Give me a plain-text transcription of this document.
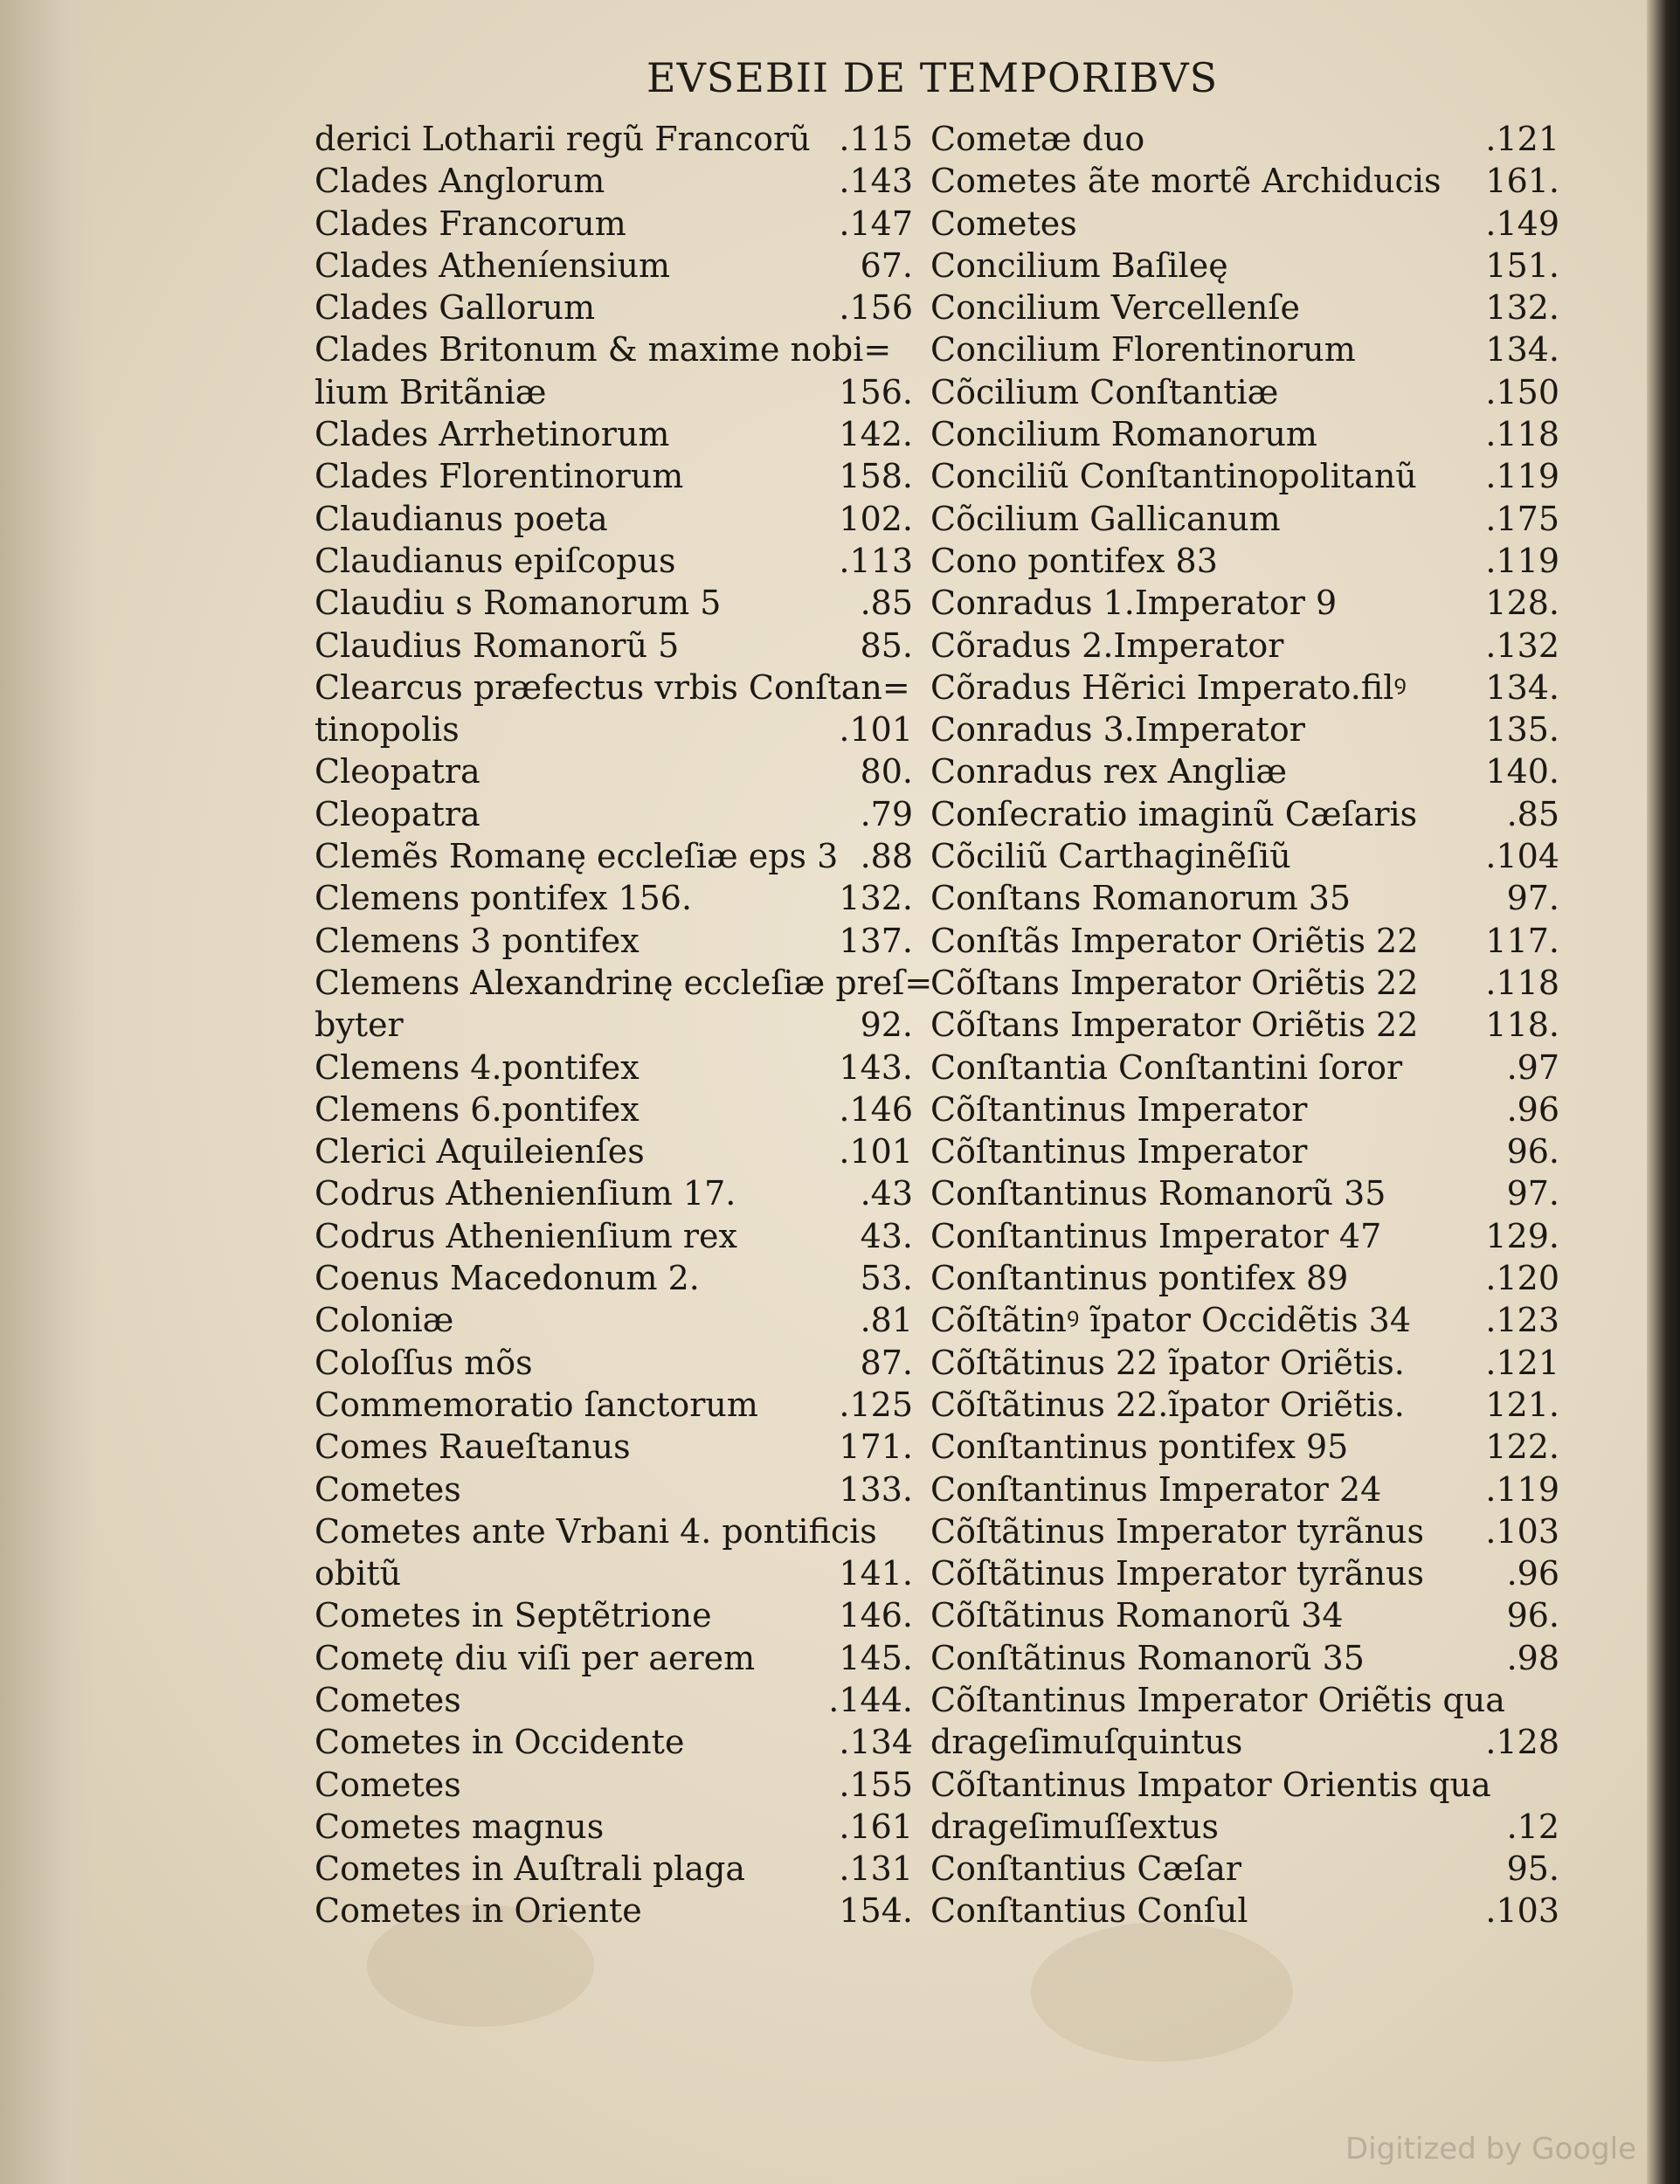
EVSEBII DE TEMPORIBVS
derici Lotharii regũ Francorũ .115
Clades Anglorum	.143
Clades Francorum	.147
Clades Atheníensium	67.
Clades Gallorum	.156
Clades Britonum & maxime nobi=
lium Britãniæ	156.
Clades Arrhetinorum	142.
Clades Florentinorum	158.
Claudianus poeta	102.
Claudianus epiſcopus	.113
Claudiu s Romanorum 5	.85
Claudius Romanorũ 5	85.
Clearcus præfectus vrbis Conſtan=
tinopolis	.101
Cleopatra	80.
Cleopatra	.79
Clemẽs Romanę eccleſiæ eps 3 .88
Clemens pontifex 156.	132.
Clemens 3 pontifex	137.
Clemens Alexandrinę eccleſiæ preſ=
byter	92.
Clemens 4.pontifex	143.
Clemens 6.pontifex	.146
Clerici Aquileienſes	.101
Codrus Athenienſium 17.	.43
Codrus Athenienſium rex	43.
Coenus Macedonum 2.	53.
Coloniæ	.81
Coloſſus mõs	87.
Commemoratio ſanctorum .125
Comes Raueſtanus	171.
Cometes	133.
Cometes ante Vrbani 4. pontificis
obitũ	141.
Cometes in Septẽtrione	146.
Cometę diu viſi per aerem	145.
Cometes	.144.
Cometes in Occidente	.134
Cometes	.155
Cometes magnus	.161
Cometes in Auſtrali plaga	.131
Cometes in Oriente	154.
Cometæ duo	.121
Cometes ãte mortẽ Archiducis 161.
Cometes	.149
Concilium Baſileę	151.
Concilium Vercellenſe	132.
Concilium Florentinorum	134.
Cõcilium Conſtantiæ	.150
Concilium Romanorum	.118
Conciliũ Conſtantinopolitanũ .119
Cõcilium Gallicanum	.175
Cono pontifex 83	.119
Conradus 1.Imperator 9	128.
Cõradus 2.Imperator	.132
Cõradus Hẽrici Imperato.filꝰ 134.
Conradus 3.Imperator	135.
Conradus rex Angliæ	140.
Conſecratio imaginũ Cæſaris	.85
Cõciliũ Carthaginẽſiũ	.104
Conſtans Romanorum 35	97.
Conſtãs Imperator Oriẽtis 22 117.
Cõſtans Imperator Oriẽtis 22 .118
Cõſtans Imperator Oriẽtis 22 118.
Conſtantia Conſtantini ſoror	.97
Cõſtantinus Imperator	.96
Cõſtantinus Imperator	96.
Conſtantinus Romanorũ 35	97.
Conſtantinus Imperator 47	129.
Conſtantinus pontifex 89	.120
Cõſtãtinꝰ ĩpator Occidẽtis 34 .123
Cõſtãtinus 22 ĩpator Oriẽtis. .121
Cõſtãtinus 22.ĩpator Oriẽtis. 121.
Conſtantinus pontifex 95	122.
Conſtantinus Imperator 24	.119
Cõſtãtinus Imperator tyrãnus .103
Cõſtãtinus Imperator tyrãnus .96
Cõſtãtinus Romanorũ 34	96.
Conſtãtinus Romanorũ 35	.98
Cõſtantinus Imperator Oriẽtis qua
drageſimuſquintus	.128
Cõſtantinus Impator Orientis qua
drageſimuſſextus	.12
Conſtantius Cæſar	95.
Conſtantius Conſul	.103
Digitized by Google
